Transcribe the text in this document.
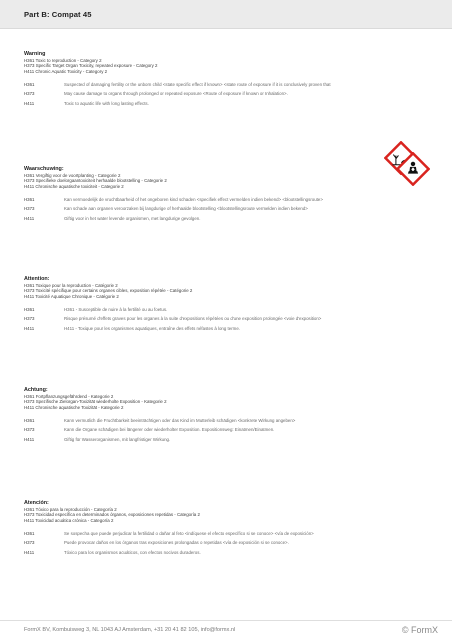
Part B: Compat 45
Warning
H361 Toxic to reproduction - Category 2
H373 Specific Target Organ Toxicity, repeated exposure - Category 2
H411 Chronic Aquatic Toxicity - Category 2
H361	Suspected of damaging fertility or the unborn child <state specific effect if known> <state route of exposure if it is conclusively proven that
H373	May cause damage to organs through prolonged or repeated exposure <Route of exposure if known or Inhalation>.
H411	Toxic to aquatic life with long lasting effects.
Waarschuwing:
H361 Vergiftig voor de voortplanting - Categorie 2
H373 Specifieke doelorgaantoxiciteit herhaalde blootstelling - Categorie 2
H411 Chronische aquatische toxiciteit - Categorie 2
H361	Kan vermoedelijk de vruchtbaarheid of het ongeboren kind schaden <specifiek effect vermelden indien bekend> <blootstellingsroute>
H373	Kan schade aan organen veroorzaken bij langdurige of herhaalde blootstelling <blootstellingsroute vermelden indien bekend>
H411	Giftig voor in het water levende organismen, met langdurige gevolgen.
Attention:
H361 Toxique pour la reproduction - Catégorie 2
H373 Toxicité spécifique pour certains organes cibles, exposition répétée - Catégorie 2
H411 Toxicité Aquatique Chronique - Catégorie 2
H361	H361 - Susceptible de nuire à la fertilité ou au foetus.
H373	Risque présumé d'effets graves pour les organes à la suite d'expositions répétées ou d'une exposition prolongée <voie d'exposition>
H411	H411 - Toxique pour les organismes aquatiques, entraîne des effets néfastes à long terme.
Achtung:
H361 Fortpflanzungsgefährdend - Kategorie 2
H373 Spezifische Zielorgan-Toxizität wiederholte Exposition - Kategorie 2
H411 Chronische aquatische Toxizität - Kategorie 2
H361	Kann vermutlich die Fruchtbarkeit beeinträchtigen oder das Kind im Mutterleib schädigen <konkrete Wirkung angeben>
H373	Kann die Organe schädigen bei längerer oder wiederholter Exposition. Expositionsweg: Einatmen/Einatmen.
H411	Giftig für Wasserorganismen, mit langfristiger Wirkung.
Atención:
H361 Tóxico para la reproducción - Categoría 2
H373 Toxicidad específica en determinados órganos, exposiciones repetidas - Categoría 2
H411 Toxicidad acuática crónica - Categoría 2
H361	Se sospecha que puede perjudicar la fertilidad o dañar al feto <indíquese el efecto específico si se conoce> <vía de exposición>
H373	Puede provocar daños en los órganos tras exposiciones prolongadas o repetidas <vía de exposición si se conoce>.
H411	Tóxico para los organismos acuáticos, con efectos nocivos duraderos.
FormX BV, Kombuisweg 3, NL 1043 AJ Amsterdam, +31 20 41 82 105, info@formx.nl	© FormX
